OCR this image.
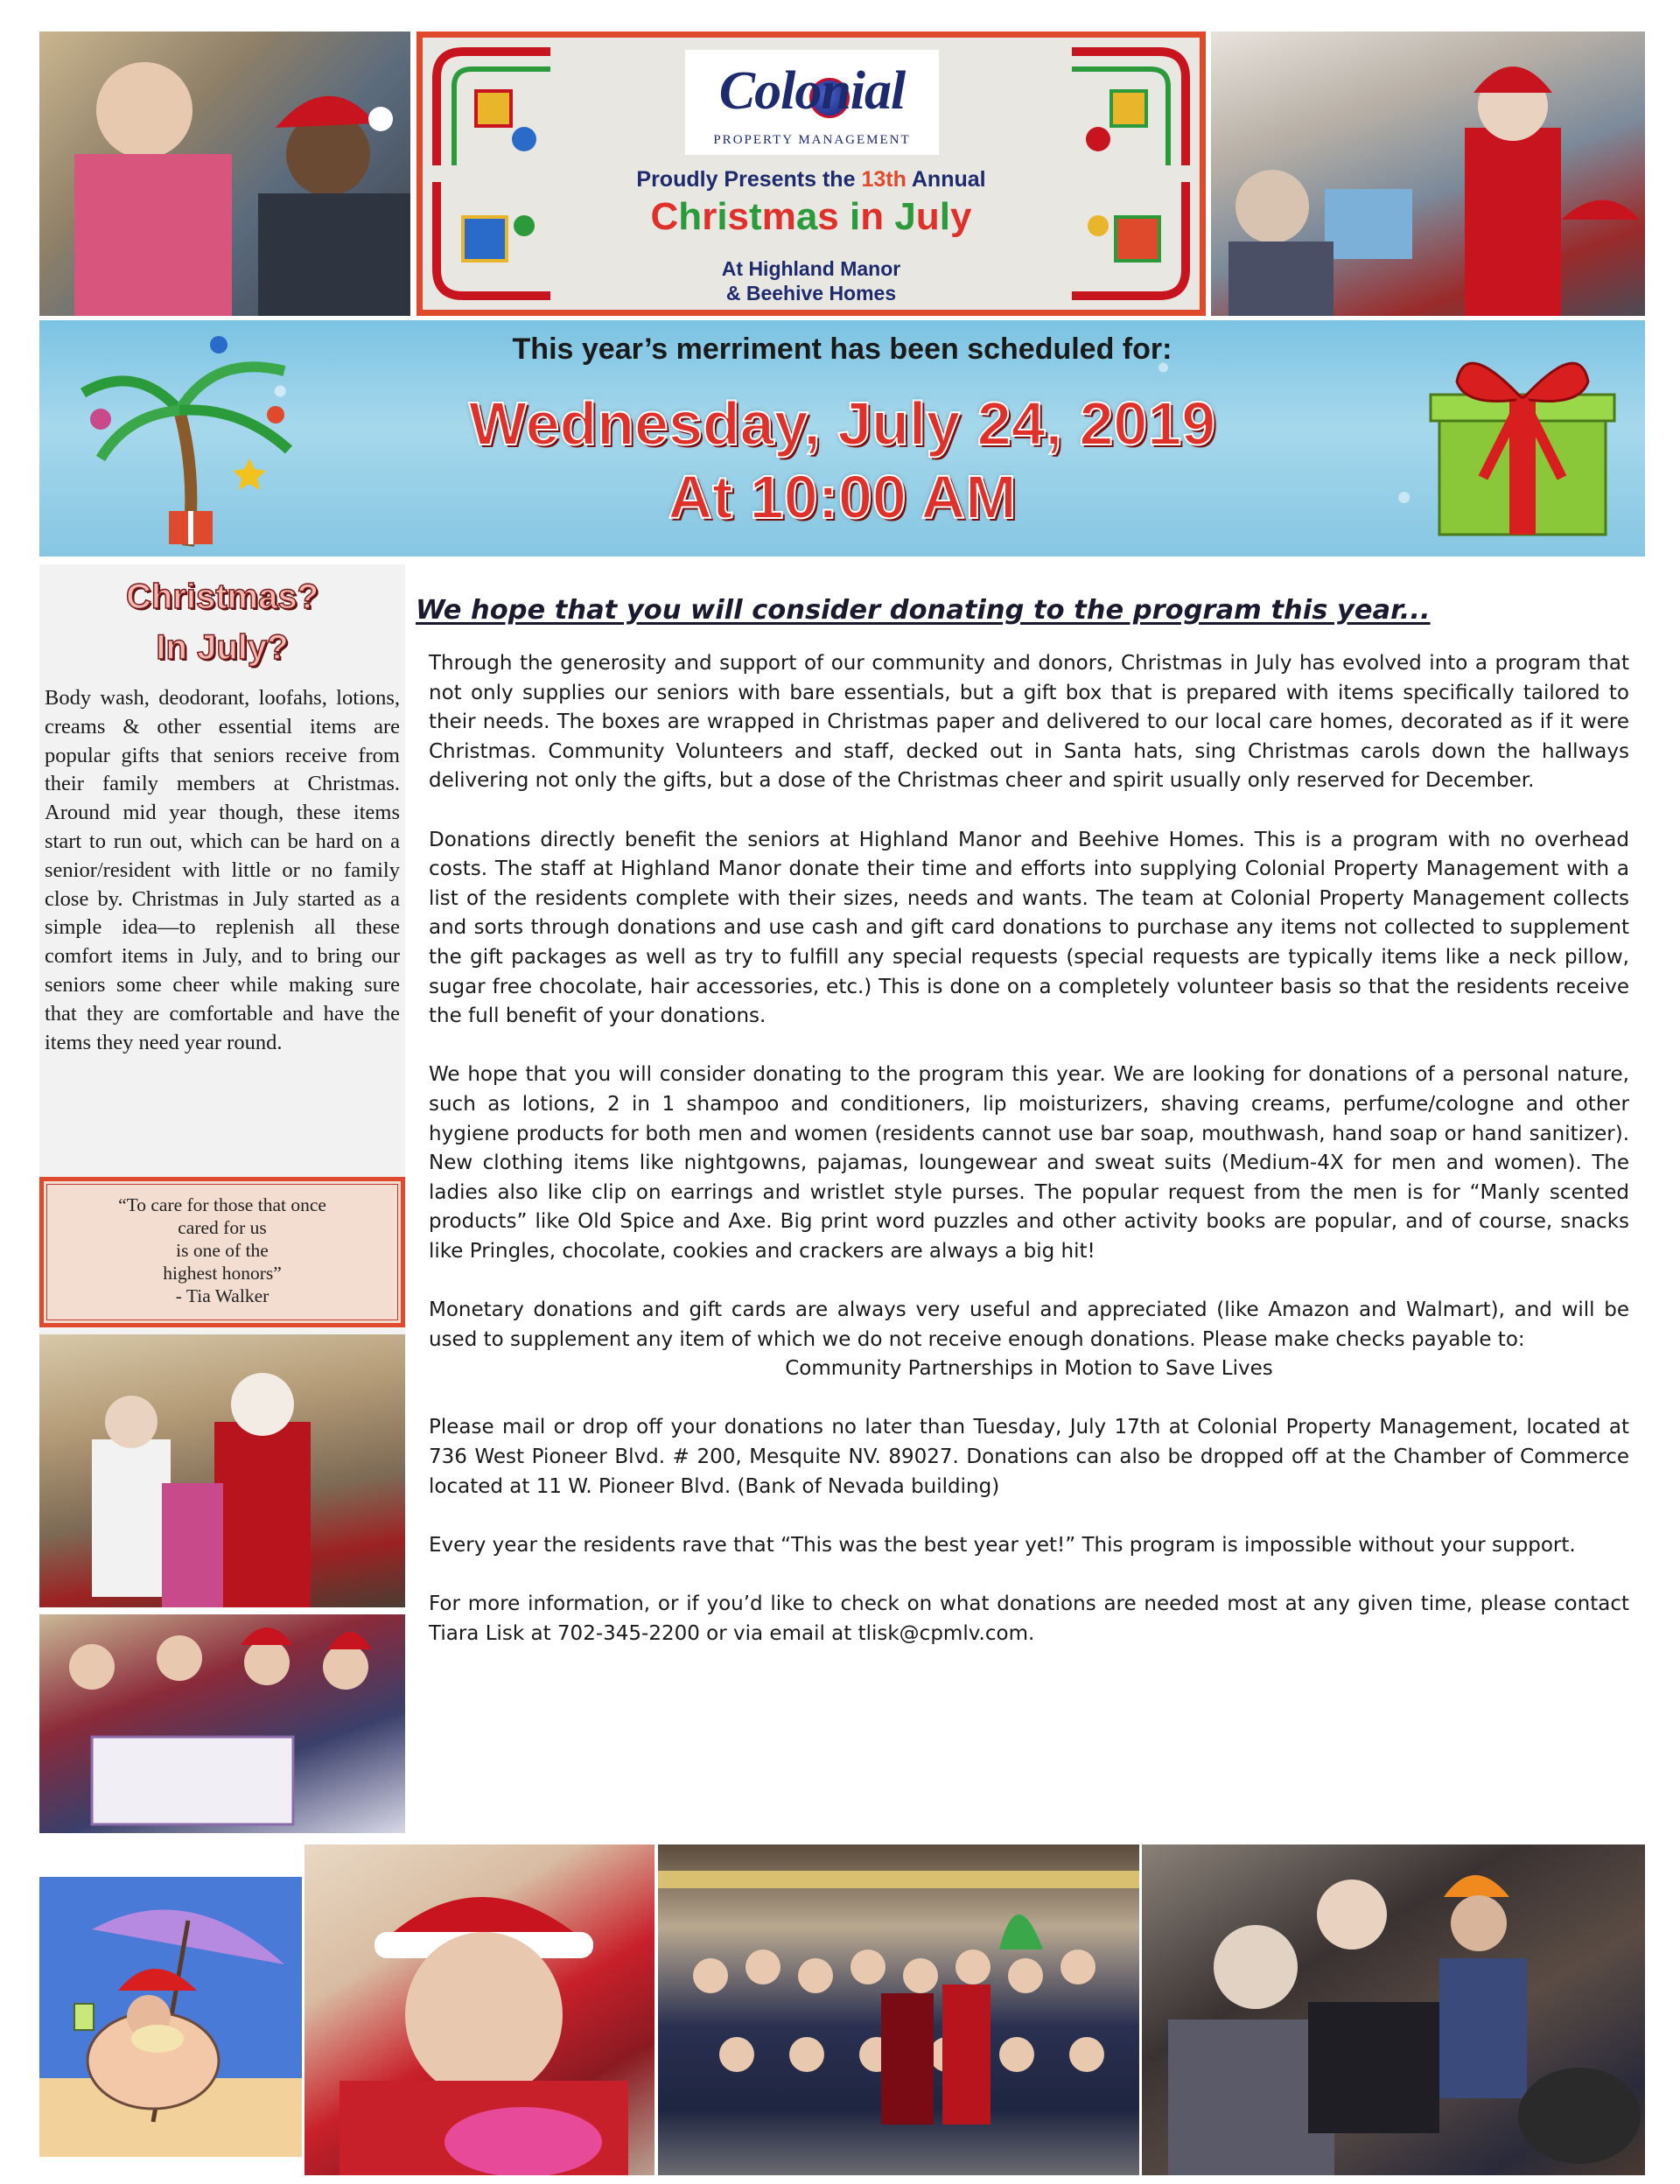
Colonial
PROPERTY MANAGEMENT
Proudly Presents the 13th Annual
Christmas in July
At Highland Manor
& Beehive Homes
This year’s merriment has been scheduled for:
Wednesday, July 24, 2019
At 10:00 AM
Christmas?
In July?
Body wash, deodorant, loofahs, lotions, creams & other essential items are popular gifts that seniors receive from their family members at Christmas. Around mid year though, these items start to run out, which can be hard on a senior/resident with little or no family close by. Christmas in July started as a simple idea—to replenish all these comfort items in July, and to bring our seniors some cheer while making sure that they are comfortable and have the items they need year round.
“To care for those that once
cared for us
is one of the
highest honors”
- Tia Walker
We hope that you will consider donating to the program this year...

Through the generosity and support of our community and donors, Christmas in July has evolved into a program that not only supplies our seniors with bare essentials, but a gift box that is prepared with items specifically tailored to their needs. The boxes are wrapped in Christmas paper and delivered to our local care homes, decorated as if it were Christmas. Community Volunteers and staff, decked out in Santa hats, sing Christmas carols down the hallways delivering not only the gifts, but a dose of the Christmas cheer and spirit usually only reserved for December.

Donations directly benefit the seniors at Highland Manor and Beehive Homes. This is a program with no overhead costs. The staff at Highland Manor donate their time and efforts into supplying Colonial Property Management with a list of the residents complete with their sizes, needs and wants. The team at Colonial Property Management collects and sorts through donations and use cash and gift card donations to purchase any items not collected to supplement the gift packages as well as try to fulfill any special requests (special requests are typically items like a neck pillow, sugar free chocolate, hair accessories, etc.) This is done on a completely volunteer basis so that the residents receive the full benefit of your donations.

We hope that you will consider donating to the program this year. We are looking for donations of a personal nature, such as lotions, 2 in 1 shampoo and conditioners, lip moisturizers, shaving creams, perfume/cologne and other hygiene products for both men and women (residents cannot use bar soap, mouthwash, hand soap or hand sanitizer). New clothing items like nightgowns, pajamas, loungewear and sweat suits (Medium-4X for men and women). The ladies also like clip on earrings and wristlet style purses. The popular request from the men is for “Manly scented products” like Old Spice and Axe. Big print word puzzles and other activity books are popular, and of course, snacks like Pringles, chocolate, cookies and crackers are always a big hit!

Monetary donations and gift cards are always very useful and appreciated (like Amazon and Walmart), and will be used to supplement any item of which we do not receive enough donations. Please make checks payable to:

Community Partnerships in Motion to Save Lives

Please mail or drop off your donations no later than Tuesday, July 17th at Colonial Property Management, located at 736 West Pioneer Blvd. # 200, Mesquite NV. 89027. Donations can also be dropped off at the Chamber of Commerce located at 11 W. Pioneer Blvd. (Bank of Nevada building)

Every year the residents rave that “This was the best year yet!” This program is impossible without your support.

For more information, or if you’d like to check on what donations are needed most at any given time, please contact Tiara Lisk at 702-345-2200 or via email at tlisk@cpmlv.com.
